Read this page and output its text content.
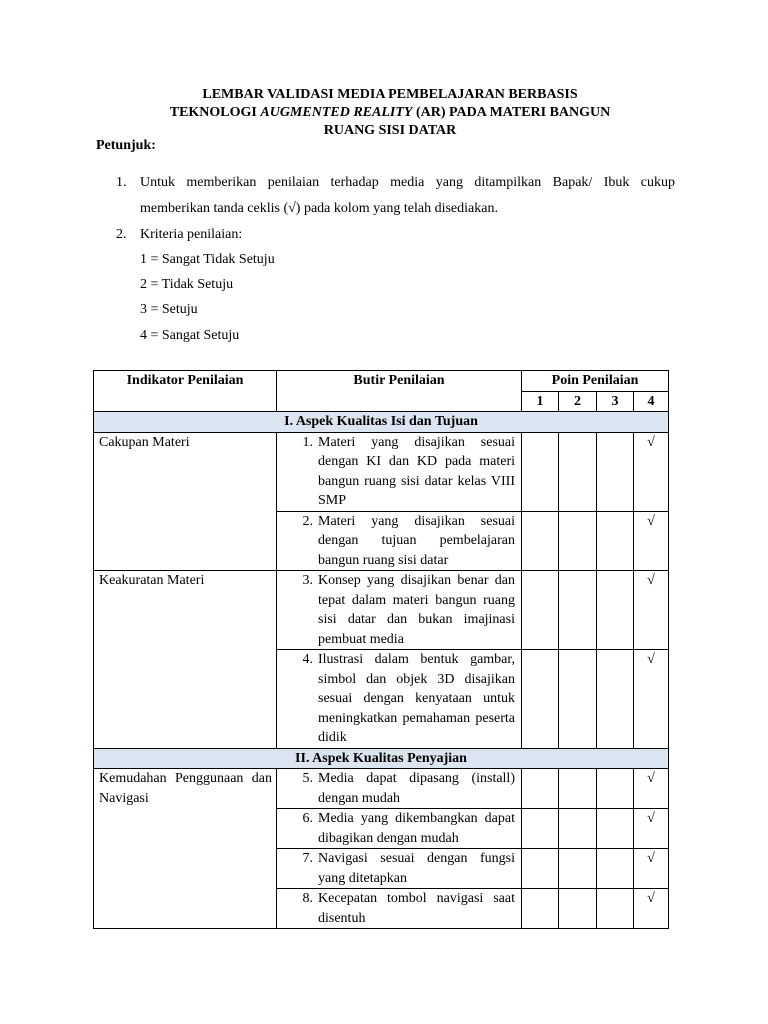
LEMBAR VALIDASI MEDIA PEMBELAJARAN BERBASIS
TEKNOLOGI AUGMENTED REALITY (AR) PADA MATERI BANGUN
RUANG SISI DATAR
Petunjuk:
1. Untuk memberikan penilaian terhadap media yang ditampilkan Bapak/ Ibuk cukup
memberikan tanda ceklis (√) pada kolom yang telah disediakan.
2. Kriteria penilaian:
1 = Sangat Tidak Setuju
2 = Tidak Setuju
3 = Setuju
4 = Sangat Setuju
Indikator Penilaian	Butir Penilaian	Poin Penilaian			
		1	2	3	4
I. Aspek Kualitas Isi dan Tujuan					
Cakupan Materi	1. Materi yang disajikan sesuai dengan KI dan KD pada materi bangun ruang sisi datar kelas VIII SMP				√

	2. Materi yang disajikan sesuai dengan tujuan pembelajaran bangun ruang sisi datar				√
Keakuratan Materi	3. Konsep yang disajikan benar dan tepat dalam materi bangun ruang sisi datar dan bukan imajinasi pembuat media				√

	4. Ilustrasi dalam bentuk gambar, simbol dan objek 3D disajikan sesuai dengan kenyataan untuk meningkatkan pemahaman peserta didik				√
II. Aspek Kualitas Penyajian					
Kemudahan Penggunaan dan Navigasi	5. Media dapat dipasang (install) dengan mudah				√

	6. Media yang dikembangkan dapat dibagikan dengan mudah				√

	7. Navigasi sesuai dengan fungsi yang ditetapkan				√

	8. Kecepatan tombol navigasi saat disentuh				√
